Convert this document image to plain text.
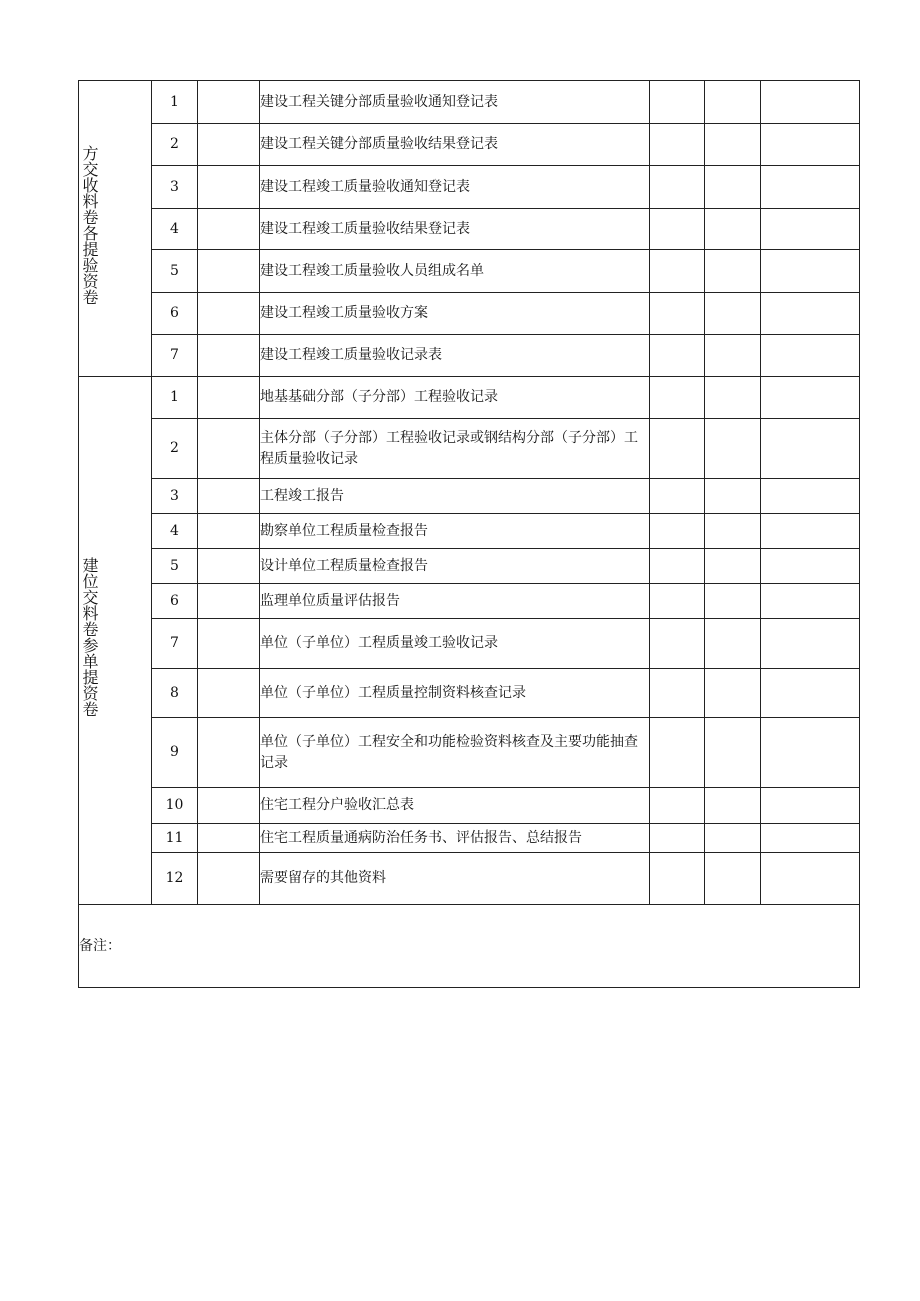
方交收料卷各提验资卷	1		建设工程关键分部质量验收通知登记表			
	2		建设工程关键分部质量验收结果登记表			
	3		建设工程竣工质量验收通知登记表			
	4		建设工程竣工质量验收结果登记表			
	5		建设工程竣工质量验收人员组成名单			
	6		建设工程竣工质量验收方案			
	7		建设工程竣工质量验收记录表			
建位交料卷参单提资卷	1		地基基础分部（子分部）工程验收记录			
	2		主体分部（子分部）工程验收记录或钢结构分部（子分部）工程质量验收记录			
	3		工程竣工报告			
	4		勘察单位工程质量检查报告			
	5		设计单位工程质量检查报告			
	6		监理单位质量评估报告			
	7		单位（子单位）工程质量竣工验收记录			
	8		单位（子单位）工程质量控制资料核查记录			
	9		单位（子单位）工程安全和功能检验资料核查及主要功能抽查记录			
	10		住宅工程分户验收汇总表			
	11		住宅工程质量通病防治任务书、评估报告、总结报告			
	12		需要留存的其他资料			
备注：						
